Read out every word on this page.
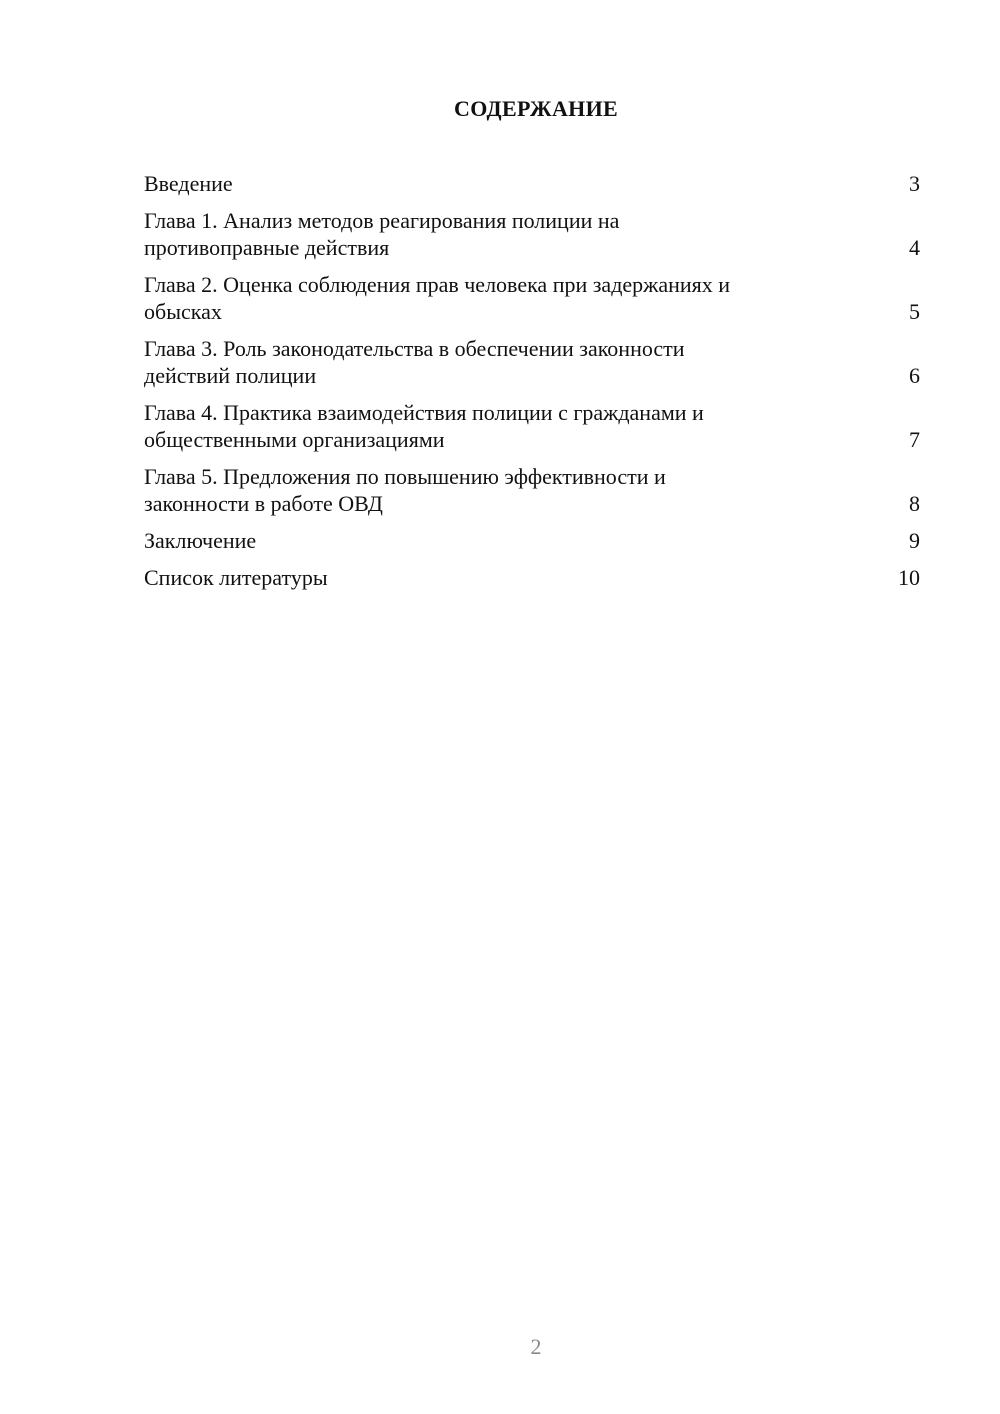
СОДЕРЖАНИЕ
Введение	3
Глава 1. Анализ методов реагирования полиции на
противоправные действия	4
Глава 2. Оценка соблюдения прав человека при задержаниях и
обысках	5
Глава 3. Роль законодательства в обеспечении законности
действий полиции	6
Глава 4. Практика взаимодействия полиции с гражданами и
общественными организациями	7
Глава 5. Предложения по повышению эффективности и
законности в работе ОВД	8
Заключение	9
Список литературы	10
2
